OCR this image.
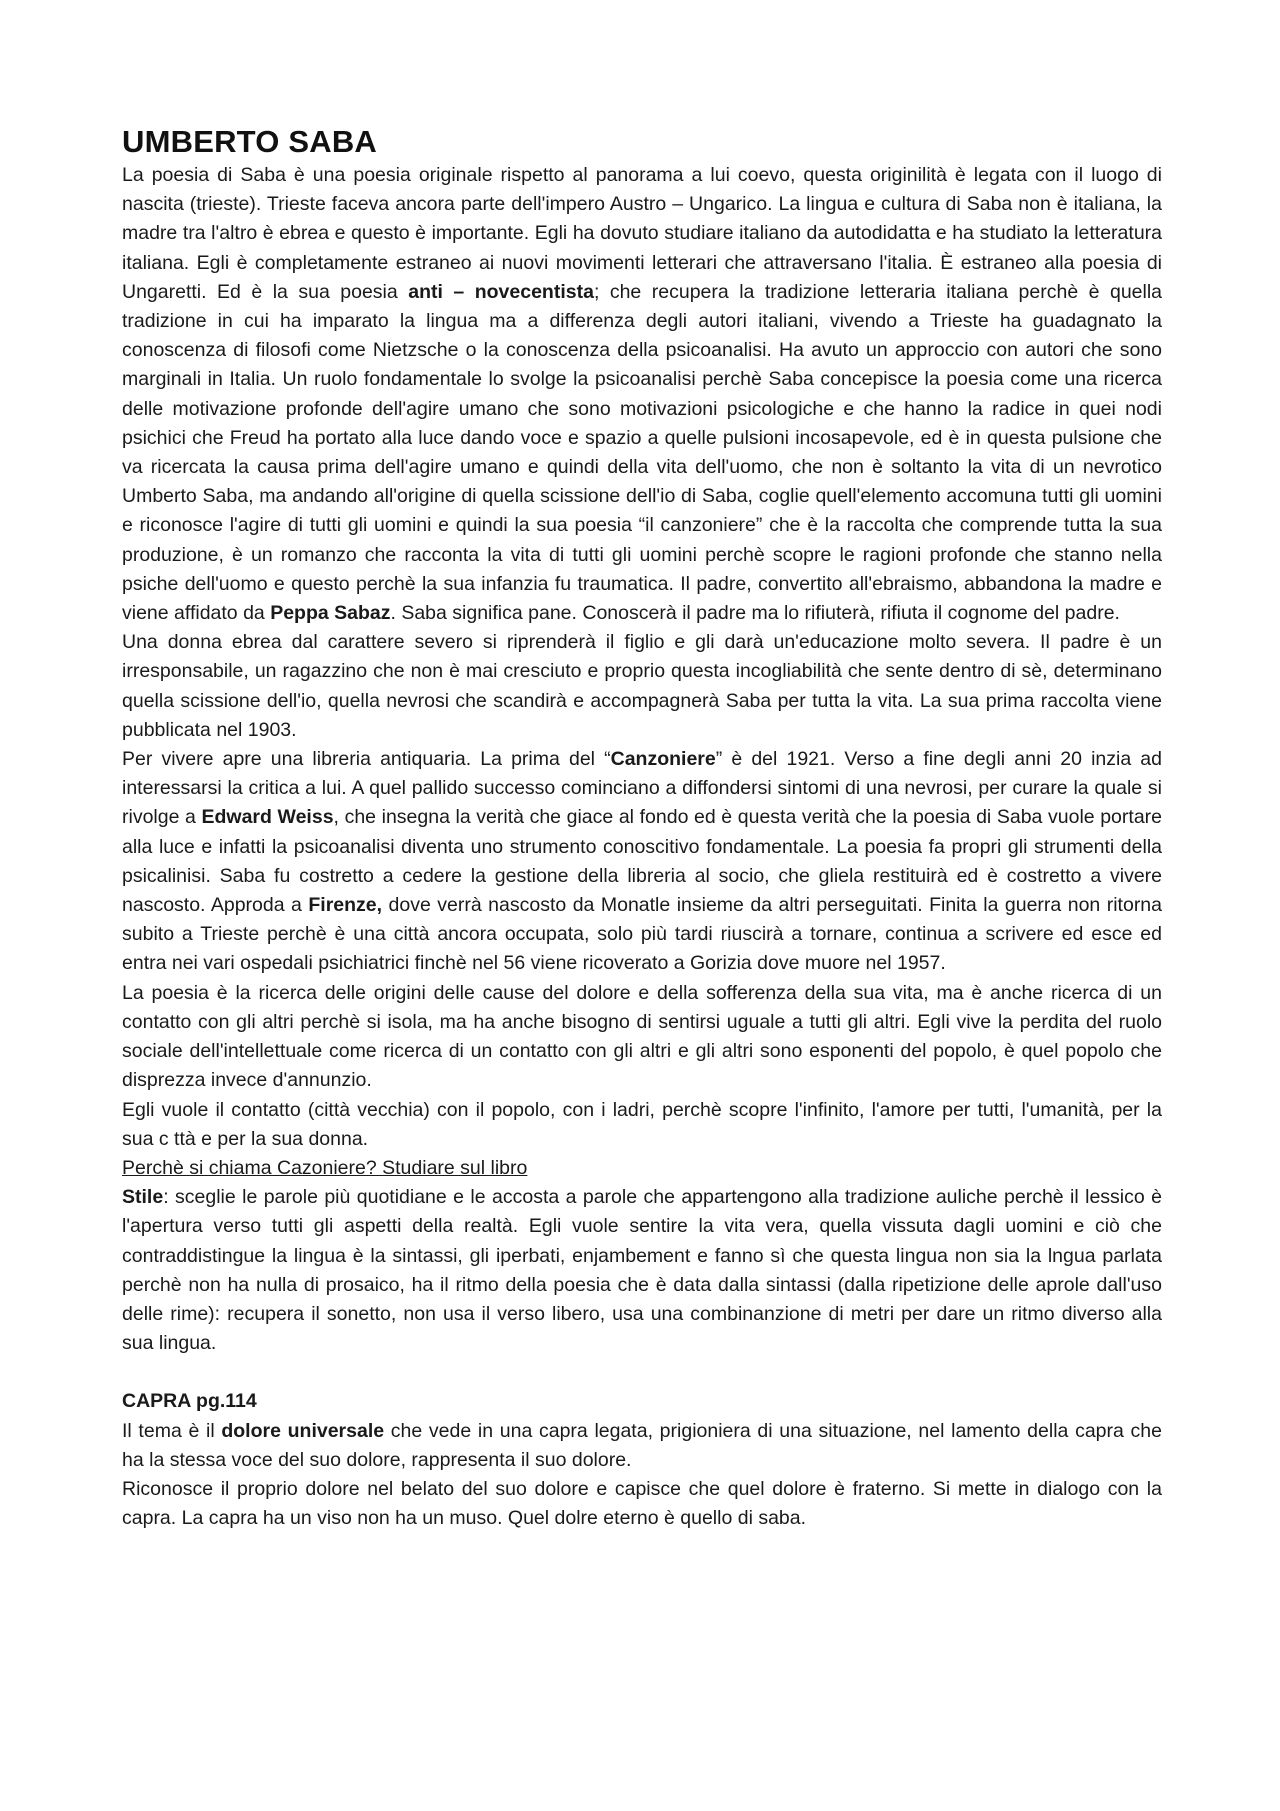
UMBERTO SABA

La poesia di Saba è una poesia originale rispetto al panorama a lui coevo, questa originilità è legata con il luogo di nascita (trieste). Trieste faceva ancora parte dell'impero Austro – Ungarico. La lingua e cultura di Saba non è italiana, la madre tra l'altro è ebrea e questo è importante. Egli ha dovuto studiare italiano da autodidatta e ha studiato la letteratura italiana. Egli è completamente estraneo ai nuovi movimenti letterari che attraversano l'italia. È estraneo alla poesia di Ungaretti. Ed è la sua poesia anti – novecentista; che recupera la tradizione letteraria italiana perchè è quella tradizione in cui ha imparato la lingua ma a differenza degli autori italiani, vivendo a Trieste ha guadagnato la conoscenza di filosofi come Nietzsche o la conoscenza della psicoanalisi. Ha avuto un approccio con autori che sono marginali in Italia. Un ruolo fondamentale lo svolge la psicoanalisi perchè Saba concepisce la poesia come una ricerca delle motivazione profonde dell'agire umano che sono motivazioni psicologiche e che hanno la radice in quei nodi psichici che Freud ha portato alla luce dando voce e spazio a quelle pulsioni incosapevole, ed è in questa pulsione che va ricercata la causa prima dell'agire umano e quindi della vita dell'uomo, che non è soltanto la vita di un nevrotico Umberto Saba, ma andando all'origine di quella scissione dell'io di Saba, coglie quell'elemento accomuna tutti gli uomini e riconosce l'agire di tutti gli uomini e quindi la sua poesia “il canzoniere” che è la raccolta che comprende tutta la sua produzione, è un romanzo che racconta la vita di tutti gli uomini perchè scopre le ragioni profonde che stanno nella psiche dell'uomo e questo perchè la sua infanzia fu traumatica. Il padre, convertito all'ebraismo, abbandona la madre e viene affidato da Peppa Sabaz. Saba significa pane. Conoscerà il padre ma lo rifiuterà, rifiuta il cognome del padre.

Una donna ebrea dal carattere severo si riprenderà il figlio e gli darà un'educazione molto severa. Il padre è un irresponsabile, un ragazzino che non è mai cresciuto e proprio questa incogliabilità che sente dentro di sè, determinano quella scissione dell'io, quella nevrosi che scandirà e accompagnerà Saba per tutta la vita. La sua prima raccolta viene pubblicata nel 1903.

Per vivere apre una libreria antiquaria. La prima del “Canzoniere” è del 1921. Verso a fine degli anni 20 inzia ad interessarsi la critica a lui. A quel pallido successo cominciano a diffondersi sintomi di una nevrosi, per curare la quale si rivolge a Edward Weiss, che insegna la verità che giace al fondo ed è questa verità che la poesia di Saba vuole portare alla luce e infatti la psicoanalisi diventa uno strumento conoscitivo fondamentale. La poesia fa propri gli strumenti della psicalinisi. Saba fu costretto a cedere la gestione della libreria al socio, che gliela restituirà ed è costretto a vivere nascosto. Approda a Firenze, dove verrà nascosto da Monatle insieme da altri perseguitati. Finita la guerra non ritorna subito a Trieste perchè è una città ancora occupata, solo più tardi riuscirà a tornare, continua a scrivere ed esce ed entra nei vari ospedali psichiatrici finchè nel 56 viene ricoverato a Gorizia dove muore nel 1957.

La poesia è la ricerca delle origini delle cause del dolore e della sofferenza della sua vita, ma è anche ricerca di un contatto con gli altri perchè si isola, ma ha anche bisogno di sentirsi uguale a tutti gli altri. Egli vive la perdita del ruolo sociale dell'intellettuale come ricerca di un contatto con gli altri e gli altri sono esponenti del popolo, è quel popolo che disprezza invece d'annunzio.

Egli vuole il contatto (città vecchia) con il popolo, con i ladri, perchè scopre l'infinito, l'amore per tutti, l'umanità, per la sua c ttà e per la sua donna.

Perchè si chiama Cazoniere? Studiare sul libro

Stile: sceglie le parole più quotidiane e le accosta a parole che appartengono alla tradizione auliche perchè il lessico è l'apertura verso tutti gli aspetti della realtà. Egli vuole sentire la vita vera, quella vissuta dagli uomini e ciò che contraddistingue la lingua è la sintassi, gli iperbati, enjambement e fanno sì che questa lingua non sia la lngua parlata perchè non ha nulla di prosaico, ha il ritmo della poesia che è data dalla sintassi (dalla ripetizione delle aprole dall'uso delle rime): recupera il sonetto, non usa il verso libero, usa una combinanzione di metri per dare un ritmo diverso alla sua lingua.

CAPRA pg.114

Il tema è il dolore universale che vede in una capra legata, prigioniera di una situazione, nel lamento della capra che ha la stessa voce del suo dolore, rappresenta il suo dolore.

Riconosce il proprio dolore nel belato del suo dolore e capisce che quel dolore è fraterno. Si mette in dialogo con la capra. La capra ha un viso non ha un muso. Quel dolre eterno è quello di saba.
